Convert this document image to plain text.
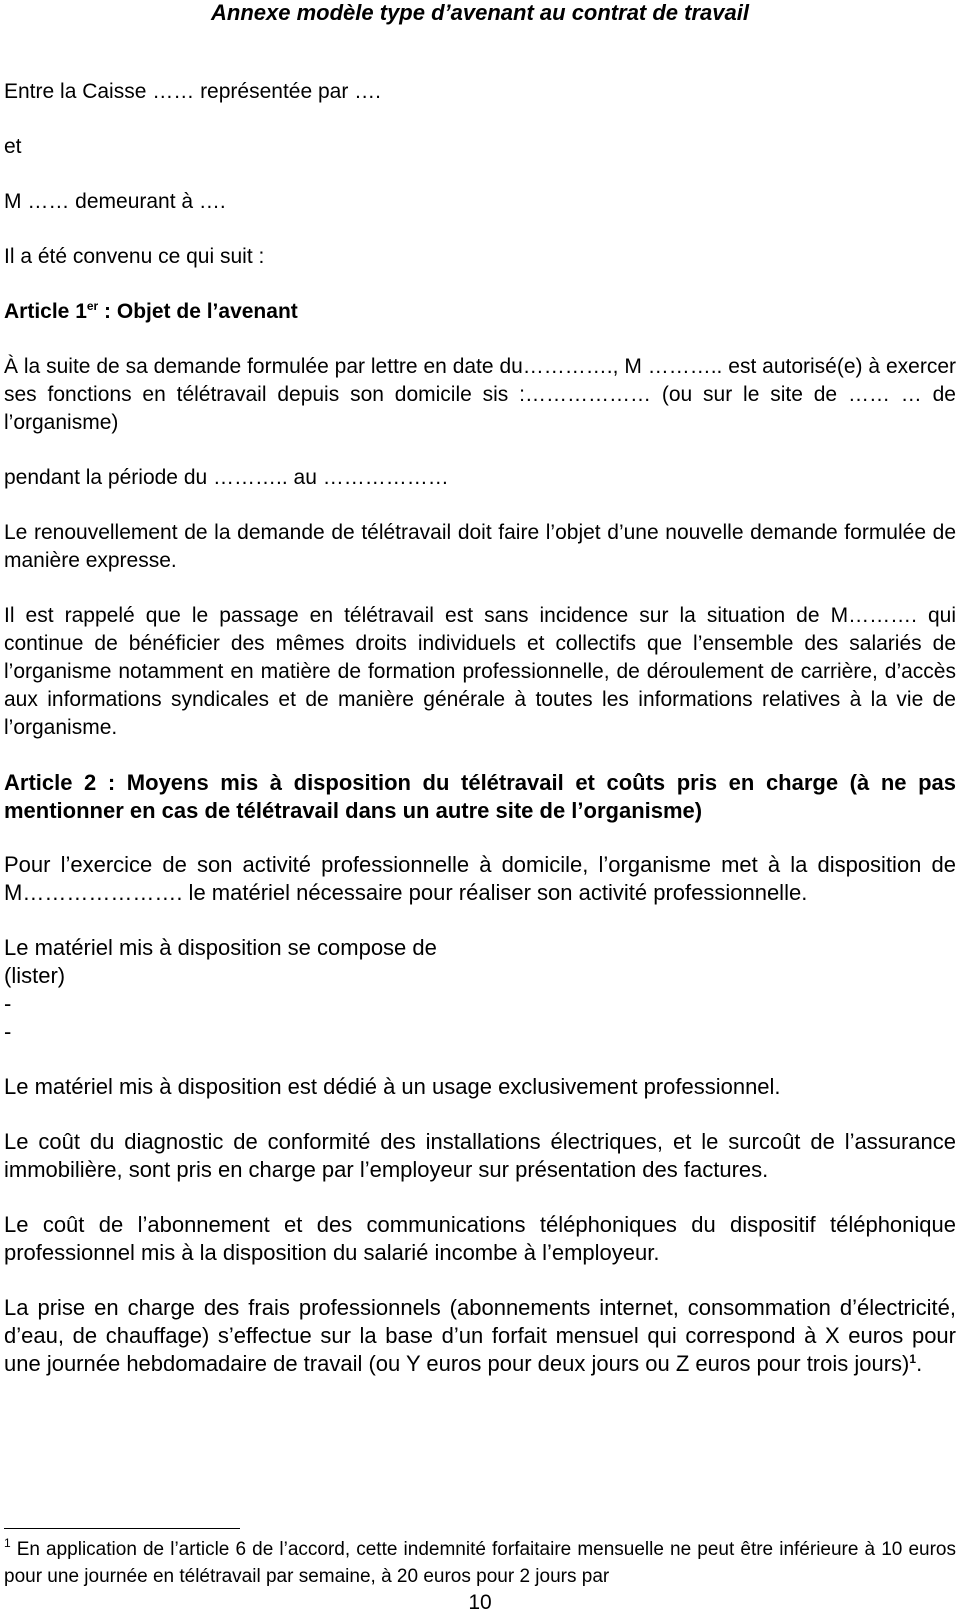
Annexe modèle type d’avenant au contrat de travail

Entre la Caisse …… représentée par ….

et

M …… demeurant à ….

Il a été convenu ce qui suit :

Article 1er : Objet de l’avenant

À la suite de sa demande formulée par lettre en date du…………., M ……….. est autorisé(e) à exercer ses fonctions en télétravail depuis son domicile sis :……………… (ou sur le site de …… … de l’organisme)

pendant la période du ……….. au ………………

Le renouvellement de la demande de télétravail doit faire l’objet d’une nouvelle demande formulée de manière expresse.

Il est rappelé que le passage en télétravail est sans incidence sur la situation de M………. qui continue de bénéficier des mêmes droits individuels et collectifs que l’ensemble des salariés de l’organisme notamment en matière de formation professionnelle, de déroulement de carrière, d’accès aux informations syndicales et de manière générale à toutes les informations relatives à la vie de l’organisme.

Article 2 : Moyens mis à disposition du télétravail et coûts pris en charge (à ne pas mentionner en cas de télétravail dans un autre site de l’organisme)

Pour l’exercice de son activité professionnelle à domicile, l’organisme met à la disposition de M…………………. le matériel nécessaire pour réaliser son activité professionnelle.

Le matériel mis à disposition se compose de
(lister)
-
-

Le matériel mis à disposition est dédié à un usage exclusivement professionnel.

Le coût du diagnostic de conformité des installations électriques, et le surcoût de l’assurance immobilière, sont pris en charge par l’employeur sur présentation des factures.

Le coût de l’abonnement et des communications téléphoniques du dispositif téléphonique professionnel mis à la disposition du salarié incombe à l’employeur.

La prise en charge des frais professionnels (abonnements internet, consommation d’électricité, d’eau, de chauffage) s’effectue sur la base d’un forfait mensuel qui correspond à X euros pour une journée hebdomadaire de travail (ou Y euros pour deux jours ou Z euros pour trois jours)$^1$.

$^1$ En application de l’article 6 de l’accord, cette indemnité forfaitaire mensuelle ne peut être inférieure à 10 euros pour une journée en télétravail par semaine, à 20 euros pour 2 jours par

10
